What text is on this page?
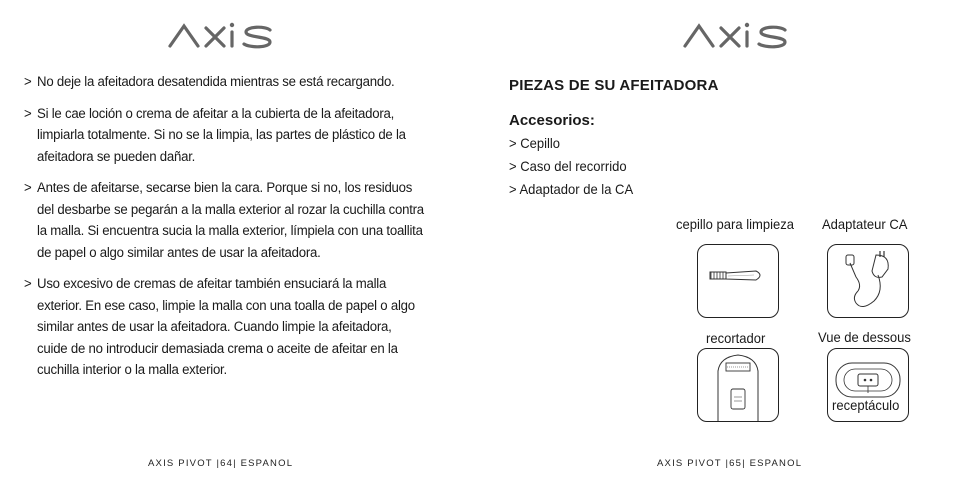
> No deje la afeitadora desatendida mientras se está recargando.
> Si le cae loción o crema de afeitar a la cubierta de la afeitadora, limpiarla totalmente. Si no se la limpia, las partes de plástico de la afeitadora se pueden dañar.
> Antes de afeitarse, secarse bien la cara. Porque si no, los residuos del desbarbe se pegarán a la malla exterior al rozar la cuchilla contra la malla. Si encuentra sucia la malla exterior, límpiela con una toallita de papel o algo similar antes de usar la afeitadora.
> Uso excesivo de cremas de afeitar también ensuciará la malla exterior. En ese caso, limpie la malla con una toalla de papel o algo similar antes de usar la afeitadora. Cuando limpie la afeitadora, cuide de no introducir demasiada crema o aceite de afeitar en la cuchilla interior o la malla exterior.
AXIS PIVOT |64| ESPANOL
PIEZAS DE SU AFEITADORA
Accesorios:
> Cepillo
> Caso del recorrido
> Adaptador de la CA
cepillo para limpieza Adaptateur CA
recortador	Vue de dessous
receptáculo
AXIS PIVOT |65| ESPANOL
